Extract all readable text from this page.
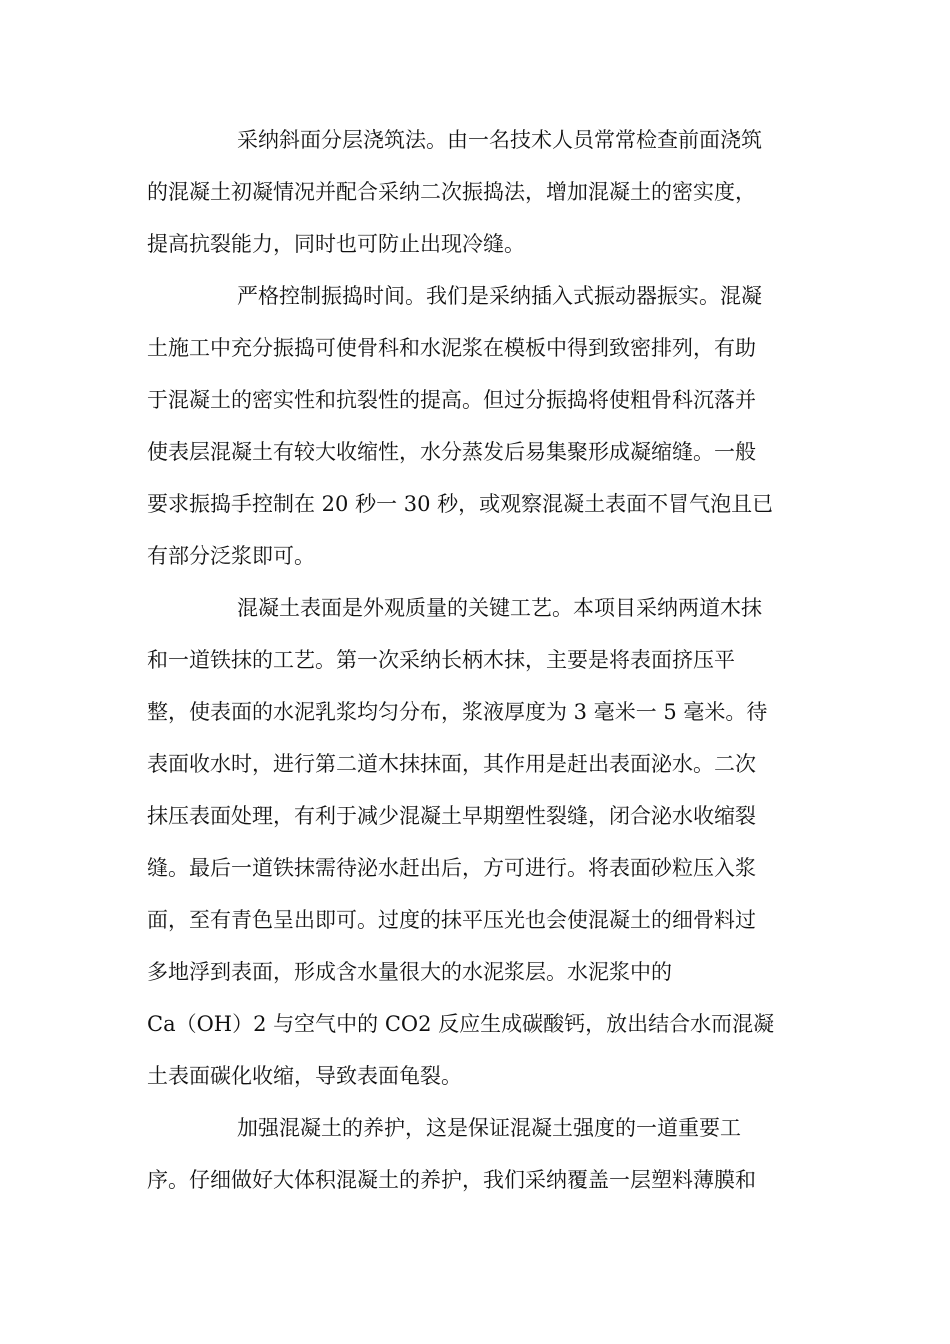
采纳斜面分层浇筑法。由一名技术人员常常检查前面浇筑
的混凝土初凝情况并配合采纳二次振捣法，增加混凝土的密实度，
提高抗裂能力，同时也可防止出现冷缝。
严格控制振捣时间。我们是采纳插入式振动器振实。混凝
土施工中充分振捣可使骨科和水泥浆在模板中得到致密排列，有助
于混凝土的密实性和抗裂性的提高。但过分振捣将使粗骨科沉落并
使表层混凝土有较大收缩性，水分蒸发后易集聚形成凝缩缝。一般
要求振捣手控制在 20 秒一 30 秒，或观察混凝土表面不冒气泡且已
有部分泛浆即可。
混凝土表面是外观质量的关键工艺。本项目采纳两道木抹
和一道铁抹的工艺。第一次采纳长柄木抹，主要是将表面挤压平
整，使表面的水泥乳浆均匀分布，浆液厚度为 3 毫米一 5 毫米。待
表面收水时，进行第二道木抹抹面，其作用是赶出表面泌水。二次
抹压表面处理，有利于减少混凝土早期塑性裂缝，闭合泌水收缩裂
缝。最后一道铁抹需待泌水赶出后，方可进行。将表面砂粒压入浆
面，至有青色呈出即可。过度的抹平压光也会使混凝土的细骨料过
多地浮到表面，形成含水量很大的水泥浆层。水泥浆中的
Ca（OH）2 与空气中的 CO2 反应生成碳酸钙，放出结合水而混凝
土表面碳化收缩，导致表面龟裂。
加强混凝土的养护，这是保证混凝土强度的一道重要工
序。仔细做好大体积混凝土的养护，我们采纳覆盖一层塑料薄膜和
